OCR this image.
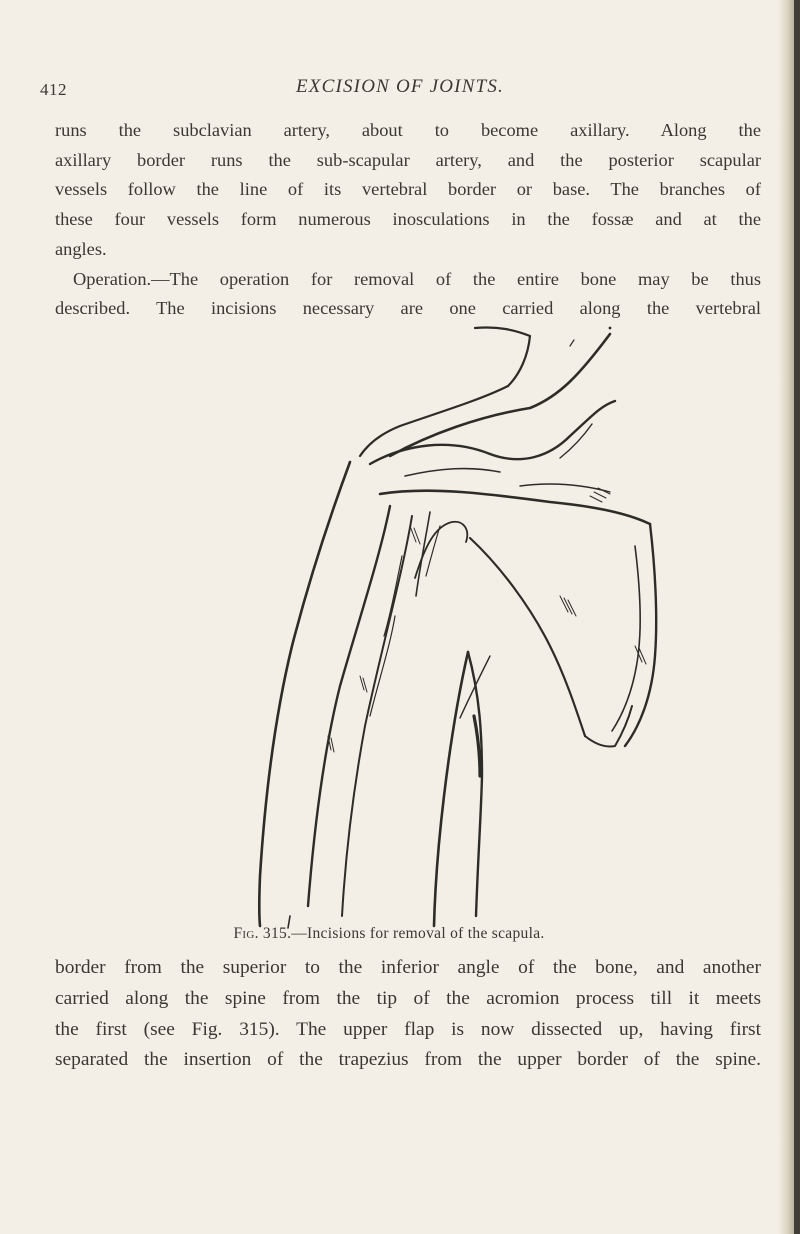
412	EXCISION OF JOINTS.
runs the subclavian artery, about to become axillary. Along the
axillary border runs the sub-scapular artery, and the posterior scapular
vessels follow the line of its vertebral border or base. The branches of
these four vessels form numerous inosculations in the fossæ and at the
angles.
Operation.—The operation for removal of the entire bone may be thus
described. The incisions necessary are one carried along the vertebral
Fig. 315.—Incisions for removal of the scapula.
border from the superior to the inferior angle of the bone, and another
carried along the spine from the tip of the acromion process till it meets
the first (see Fig. 315). The upper flap is now dissected up, having first
separated the insertion of the trapezius from the upper border of the spine.
